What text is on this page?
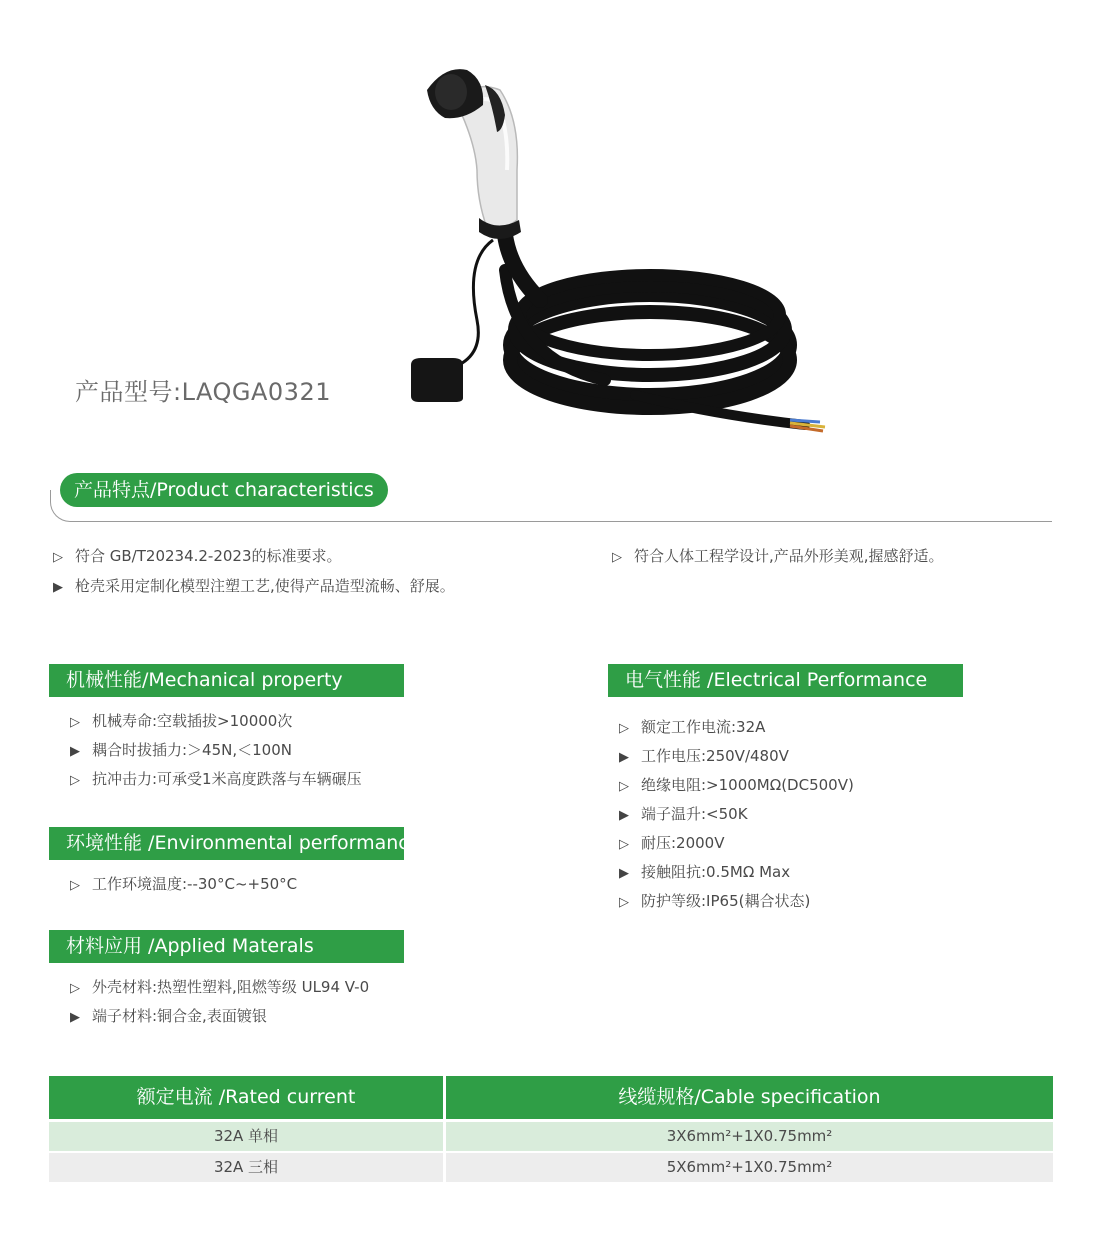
产品型号:LAQGA0321
产品特点/Product characteristics
▷ 符合 GB/T20234.2-2023的标准要求。
▶ 枪壳采用定制化模型注塑工艺,使得产品造型流畅、舒展。
▷ 符合人体工程学设计,产品外形美观,握感舒适。
机械性能/Mechanical property
▷ 机械寿命:空载插拔>10000次
▶ 耦合时拔插力:＞45N,＜100N
▷ 抗冲击力:可承受1米高度跌落与车辆碾压
环境性能 /Environmental performance
▷ 工作环境温度:--30°C~+50°C
材料应用 /Applied Materals
▷ 外壳材料:热塑性塑料,阻燃等级 UL94 V-0
▶ 端子材料:铜合金,表面镀银
电气性能 /Electrical Performance
▷ 额定工作电流:32A
▶ 工作电压:250V/480V
▷ 绝缘电阻:>1000MΩ(DC500V)
▶ 端子温升:<50K
▷ 耐压:2000V
▶ 接触阻抗:0.5MΩ Max
▷ 防护等级:IP65(耦合状态)
额定电流 /Rated current	线缆规格/Cable specification
32A 单相	3X6mm²+1X0.75mm²
32A 三相	5X6mm²+1X0.75mm²
